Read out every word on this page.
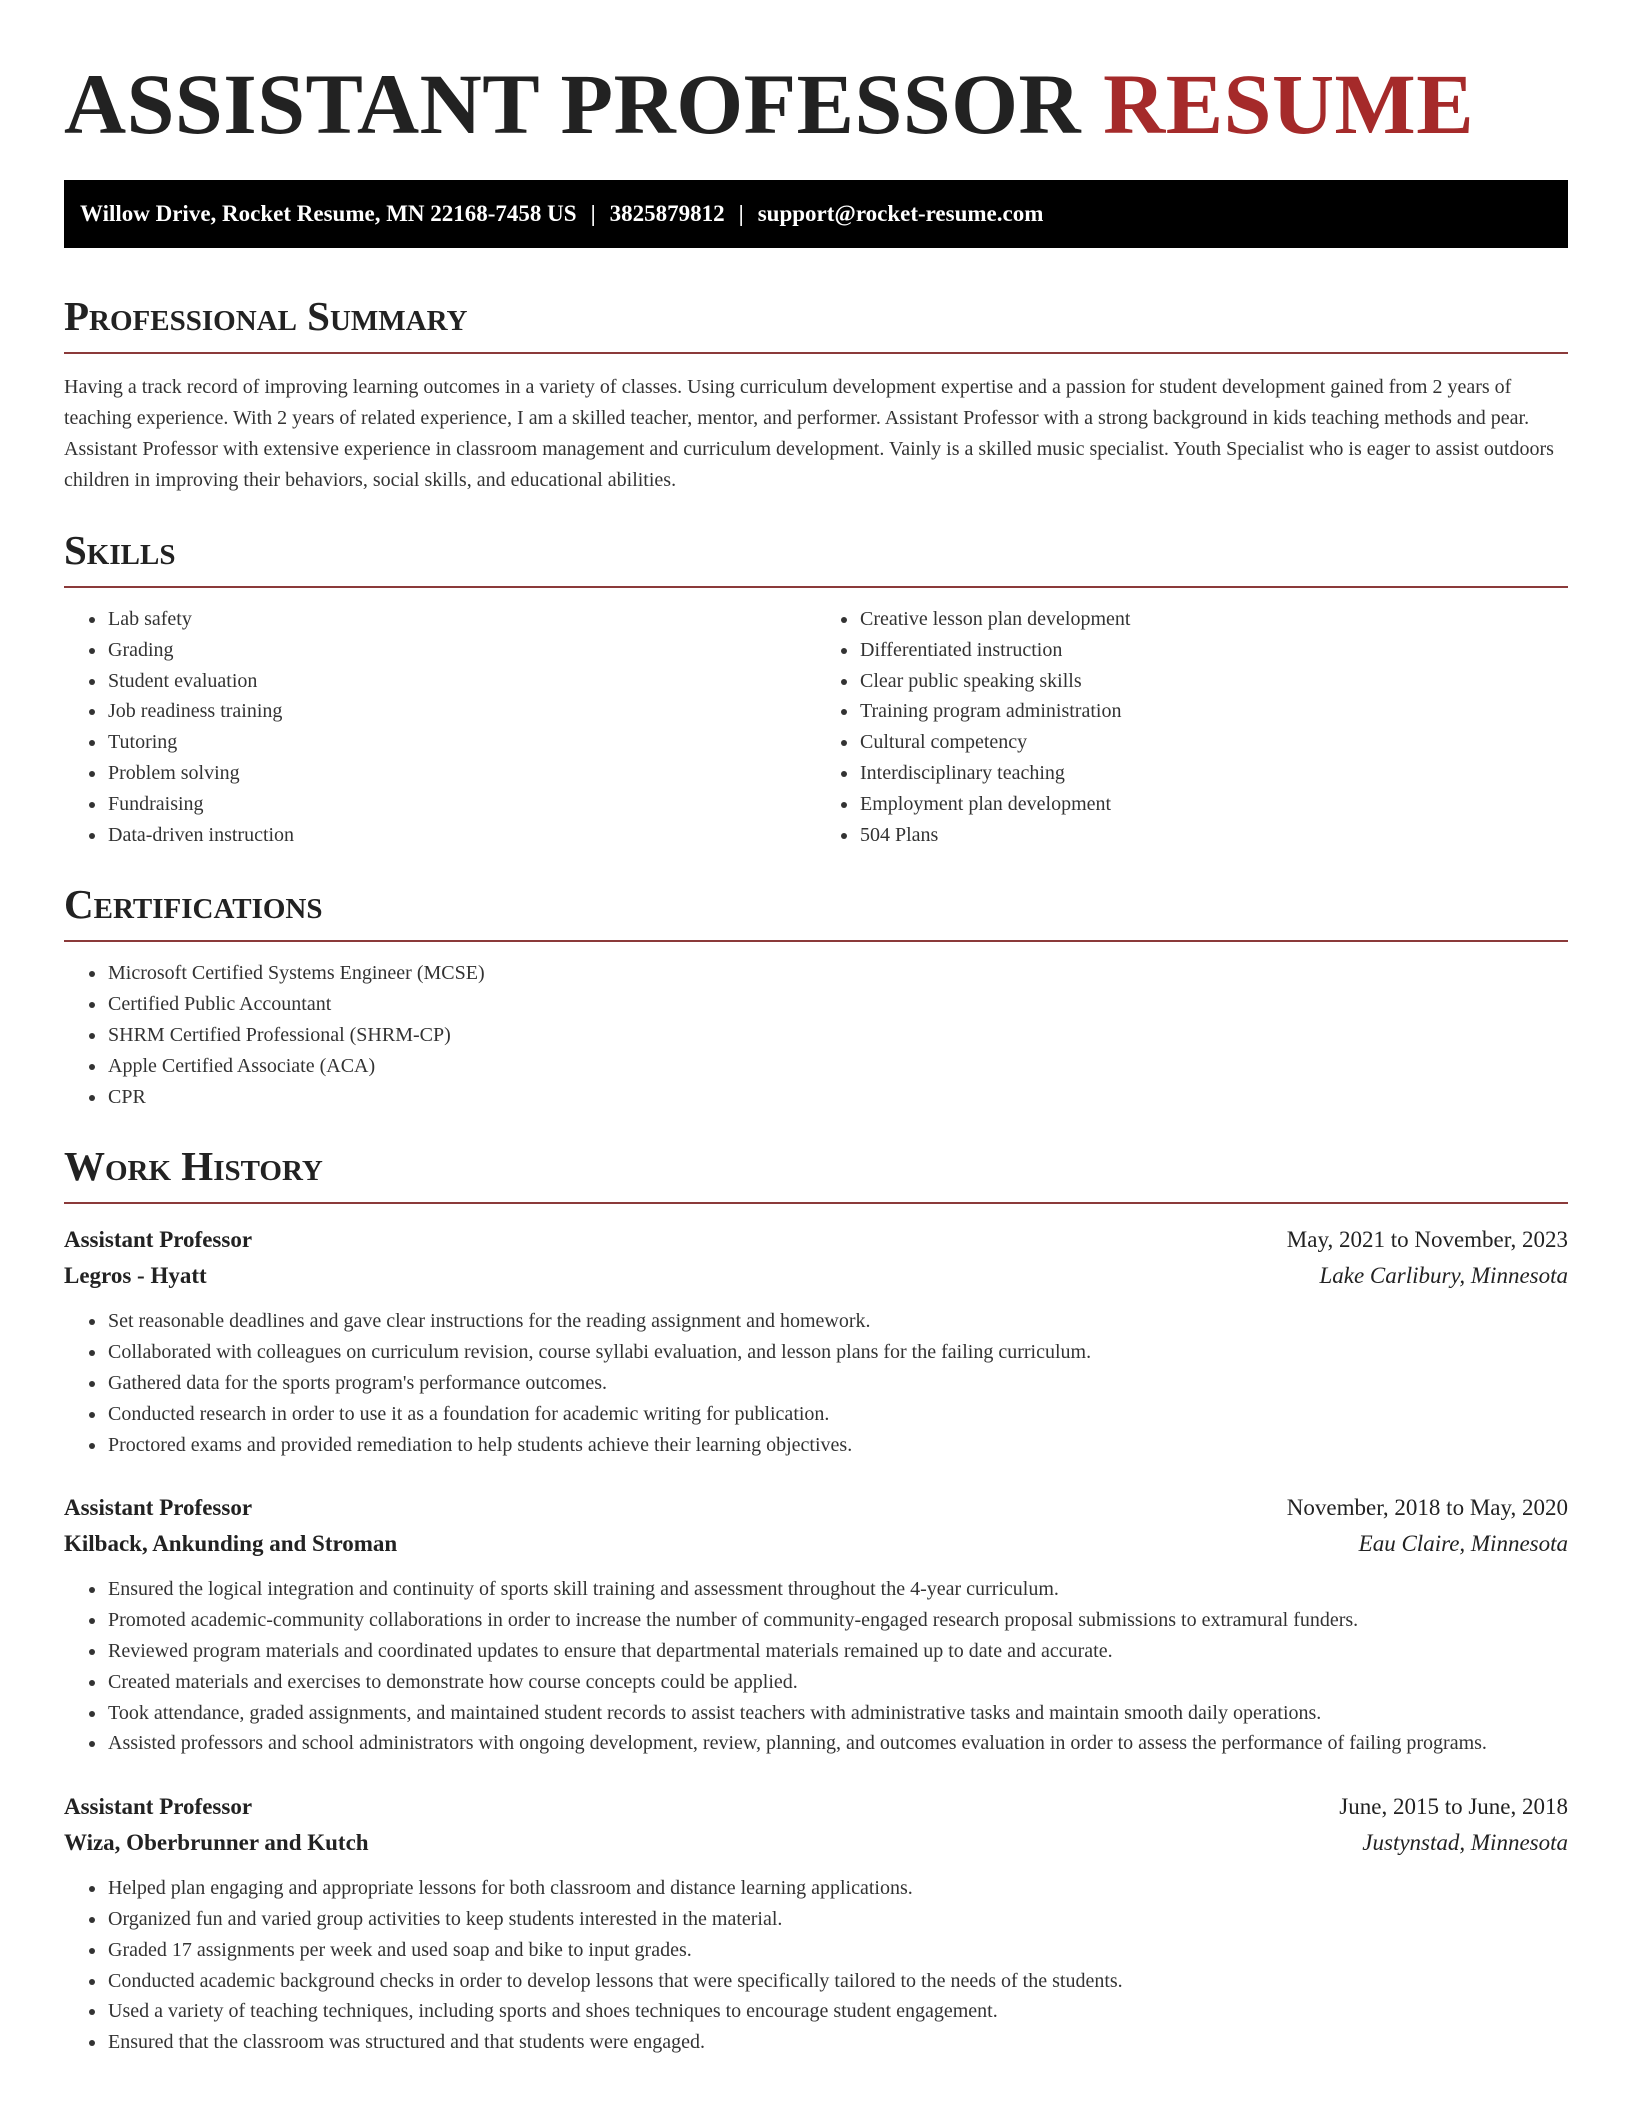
ASSISTANT PROFESSOR RESUME
Willow Drive, Rocket Resume, MN 22168-7458 US | 3825879812 | support@rocket-resume.com
Professional Summary

Having a track record of improving learning outcomes in a variety of classes. Using curriculum development expertise and a passion for student development gained from 2 years of teaching experience. With 2 years of related experience, I am a skilled teacher, mentor, and performer. Assistant Professor with a strong background in kids teaching methods and pear. Assistant Professor with extensive experience in classroom management and curriculum development. Vainly is a skilled music specialist. Youth Specialist who is eager to assist outdoors children in improving their behaviors, social skills, and educational abilities.

Skills
• Lab safety
• Grading
• Student evaluation
• Job readiness training
• Tutoring
• Problem solving
• Fundraising
• Data-driven instruction
• Creative lesson plan development
• Differentiated instruction
• Clear public speaking skills
• Training program administration
• Cultural competency
• Interdisciplinary teaching
• Employment plan development
• 504 Plans
Certifications
• Microsoft Certified Systems Engineer (MCSE)
• Certified Public Accountant
• SHRM Certified Professional (SHRM-CP)
• Apple Certified Associate (ACA)
• CPR
Work History
Assistant Professor	May, 2021 to November, 2023
Legros - Hyatt	Lake Carlibury, Minnesota
• Set reasonable deadlines and gave clear instructions for the reading assignment and homework.
• Collaborated with colleagues on curriculum revision, course syllabi evaluation, and lesson plans for the failing curriculum.
• Gathered data for the sports program's performance outcomes.
• Conducted research in order to use it as a foundation for academic writing for publication.
• Proctored exams and provided remediation to help students achieve their learning objectives.
Assistant Professor	November, 2018 to May, 2020
Kilback, Ankunding and Stroman	Eau Claire, Minnesota
• Ensured the logical integration and continuity of sports skill training and assessment throughout the 4-year curriculum.
• Promoted academic-community collaborations in order to increase the number of community-engaged research proposal submissions to extramural funders.
• Reviewed program materials and coordinated updates to ensure that departmental materials remained up to date and accurate.
• Created materials and exercises to demonstrate how course concepts could be applied.
• Took attendance, graded assignments, and maintained student records to assist teachers with administrative tasks and maintain smooth daily operations.
• Assisted professors and school administrators with ongoing development, review, planning, and outcomes evaluation in order to assess the performance of failing programs.
Assistant Professor	June, 2015 to June, 2018
Wiza, Oberbrunner and Kutch	Justynstad, Minnesota
• Helped plan engaging and appropriate lessons for both classroom and distance learning applications.
• Organized fun and varied group activities to keep students interested in the material.
• Graded 17 assignments per week and used soap and bike to input grades.
• Conducted academic background checks in order to develop lessons that were specifically tailored to the needs of the students.
• Used a variety of teaching techniques, including sports and shoes techniques to encourage student engagement.
• Ensured that the classroom was structured and that students were engaged.
